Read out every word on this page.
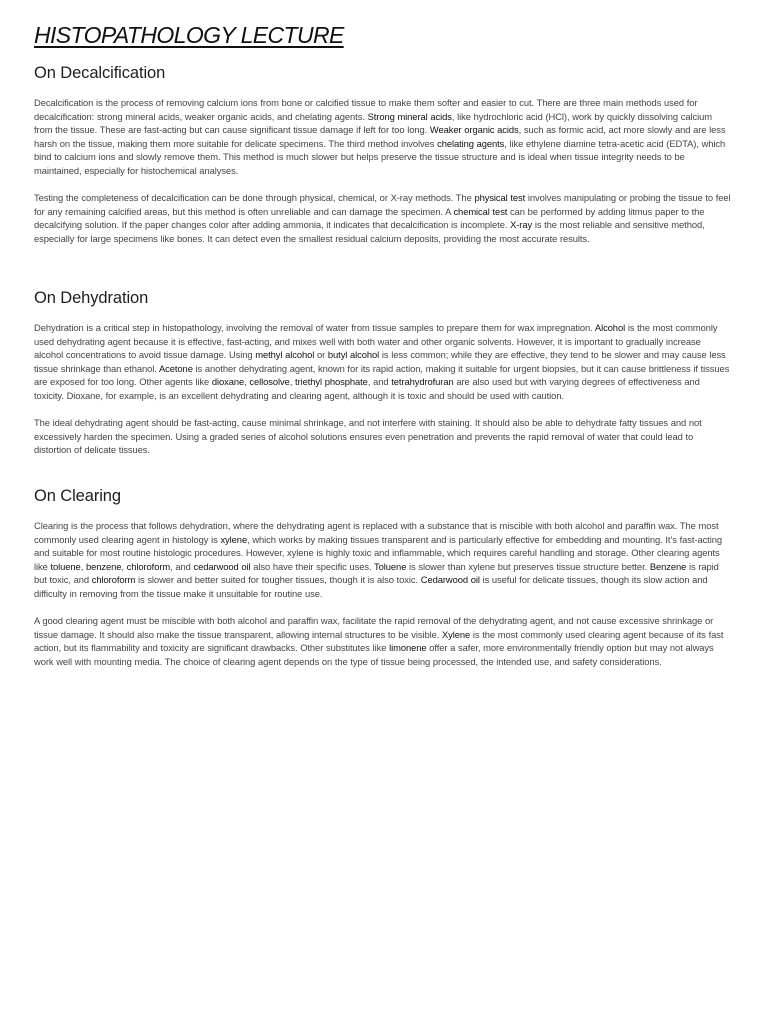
HISTOPATHOLOGY LECTURE
On Decalcification

Decalcification is the process of removing calcium ions from bone or calcified tissue to make them softer and easier to cut. There are three main methods used for decalcification: strong mineral acids, weaker organic acids, and chelating agents. Strong mineral acids, like hydrochloric acid (HCl), work by quickly dissolving calcium from the tissue. These are fast-acting but can cause significant tissue damage if left for too long. Weaker organic acids, such as formic acid, act more slowly and are less harsh on the tissue, making them more suitable for delicate specimens. The third method involves chelating agents, like ethylene diamine tetra-acetic acid (EDTA), which bind to calcium ions and slowly remove them. This method is much slower but helps preserve the tissue structure and is ideal when tissue integrity needs to be maintained, especially for histochemical analyses.

Testing the completeness of decalcification can be done through physical, chemical, or X-ray methods. The physical test involves manipulating or probing the tissue to feel for any remaining calcified areas, but this method is often unreliable and can damage the specimen. A chemical test can be performed by adding litmus paper to the decalcifying solution. If the paper changes color after adding ammonia, it indicates that decalcification is incomplete. X-ray is the most reliable and sensitive method, especially for large specimens like bones. It can detect even the smallest residual calcium deposits, providing the most accurate results.

On Dehydration

Dehydration is a critical step in histopathology, involving the removal of water from tissue samples to prepare them for wax impregnation. Alcohol is the most commonly used dehydrating agent because it is effective, fast-acting, and mixes well with both water and other organic solvents. However, it is important to gradually increase alcohol concentrations to avoid tissue damage. Using methyl alcohol or butyl alcohol is less common; while they are effective, they tend to be slower and may cause less tissue shrinkage than ethanol. Acetone is another dehydrating agent, known for its rapid action, making it suitable for urgent biopsies, but it can cause brittleness if tissues are exposed for too long. Other agents like dioxane, cellosolve, triethyl phosphate, and tetrahydrofuran are also used but with varying degrees of effectiveness and toxicity. Dioxane, for example, is an excellent dehydrating and clearing agent, although it is toxic and should be used with caution.

The ideal dehydrating agent should be fast-acting, cause minimal shrinkage, and not interfere with staining. It should also be able to dehydrate fatty tissues and not excessively harden the specimen. Using a graded series of alcohol solutions ensures even penetration and prevents the rapid removal of water that could lead to distortion of delicate tissues.

On Clearing

Clearing is the process that follows dehydration, where the dehydrating agent is replaced with a substance that is miscible with both alcohol and paraffin wax. The most commonly used clearing agent in histology is xylene, which works by making tissues transparent and is particularly effective for embedding and mounting. It’s fast-acting and suitable for most routine histologic procedures. However, xylene is highly toxic and inflammable, which requires careful handling and storage. Other clearing agents like toluene, benzene, chloroform, and cedarwood oil also have their specific uses. Toluene is slower than xylene but preserves tissue structure better. Benzene is rapid but toxic, and chloroform is slower and better suited for tougher tissues, though it is also toxic. Cedarwood oil is useful for delicate tissues, though its slow action and difficulty in removing from the tissue make it unsuitable for routine use.

A good clearing agent must be miscible with both alcohol and paraffin wax, facilitate the rapid removal of the dehydrating agent, and not cause excessive shrinkage or tissue damage. It should also make the tissue transparent, allowing internal structures to be visible. Xylene is the most commonly used clearing agent because of its fast action, but its flammability and toxicity are significant drawbacks. Other substitutes like limonene offer a safer, more environmentally friendly option but may not always work well with mounting media. The choice of clearing agent depends on the type of tissue being processed, the intended use, and safety considerations.
